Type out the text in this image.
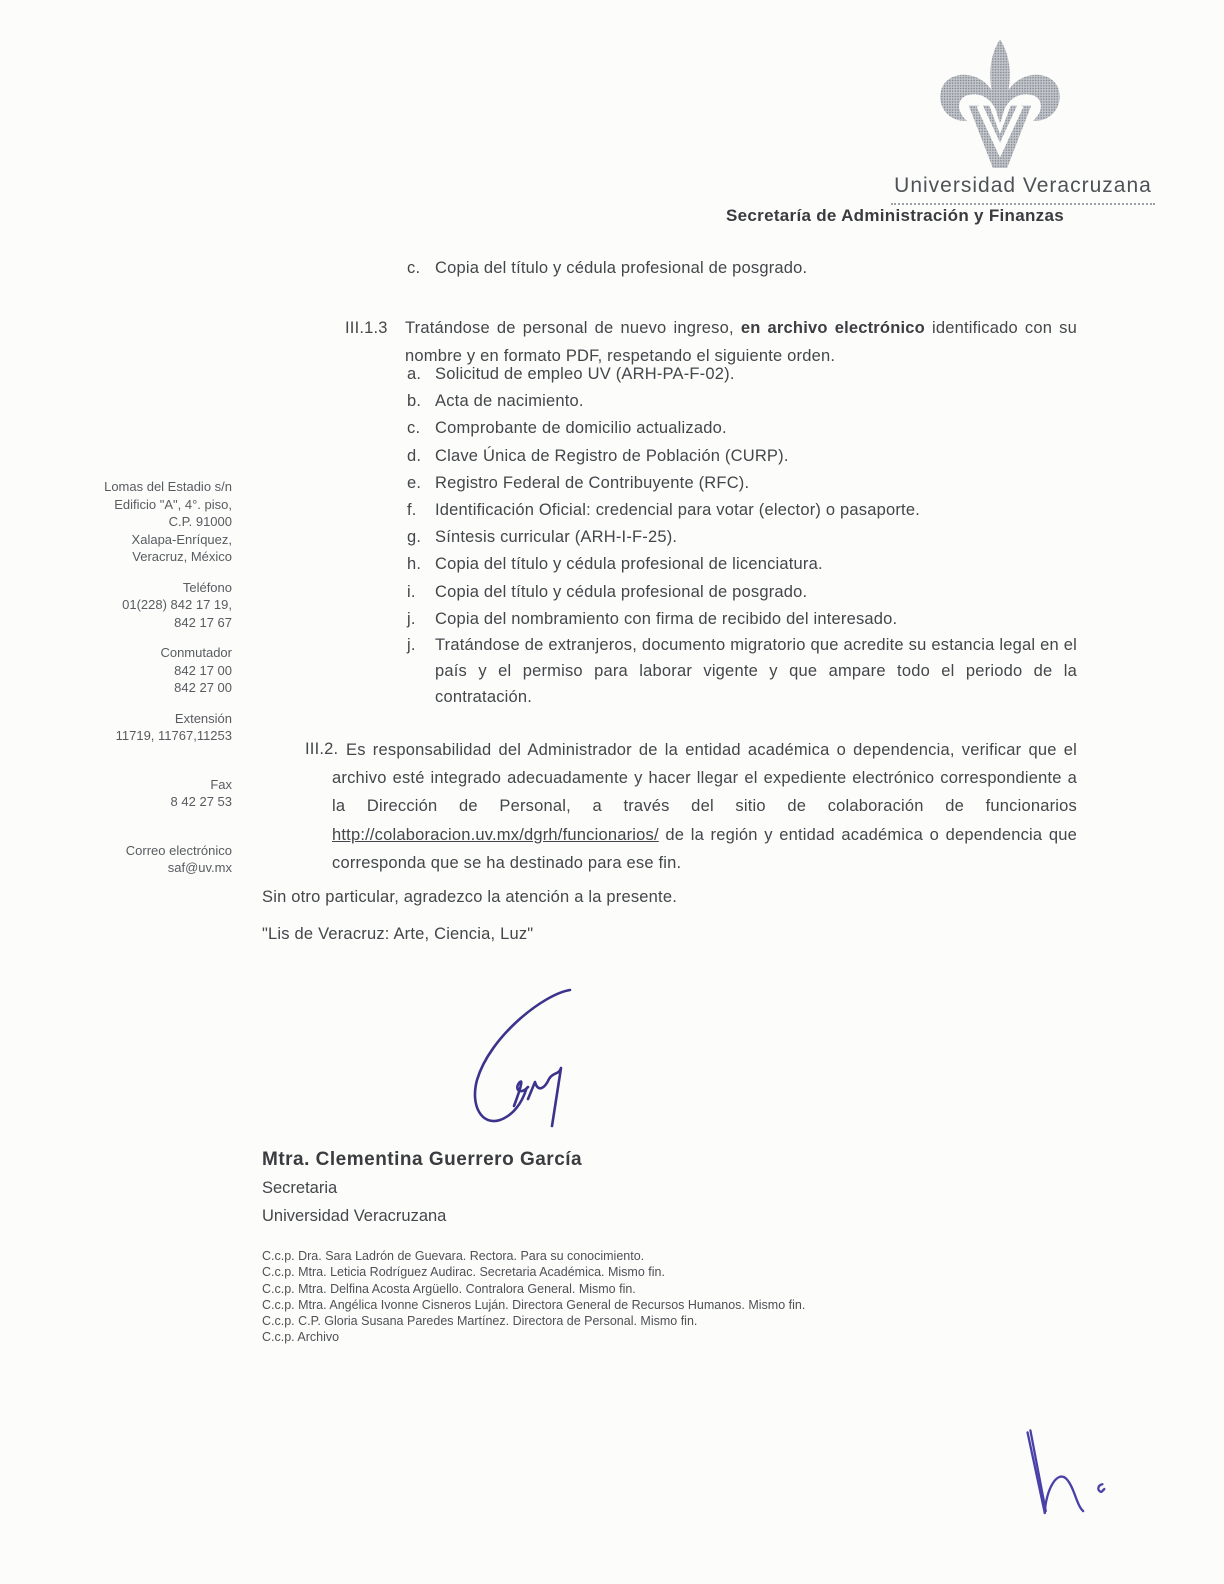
Universidad Veracruzana
Secretaría de Administración y Finanzas
Lomas del Estadio s/n
Edificio "A", 4°. piso,
C.P. 91000
Xalapa-Enríquez,
Veracruz, México
Teléfono
01(228) 842 17 19,
842 17 67
Conmutador
842 17 00
842 27 00
Extensión
11719, 11767,11253
Fax
8 42 27 53
Correo electrónico
saf@uv.mx
c. Copia del título y cédula profesional de posgrado.
III.1.3 Tratándose de personal de nuevo ingreso, en archivo electrónico identificado con su nombre y en formato PDF, respetando el siguiente orden.

a. Solicitud de empleo UV (ARH-PA-F-02).
b. Acta de nacimiento.
c. Comprobante de domicilio actualizado.
d. Clave Única de Registro de Población (CURP).
e. Registro Federal de Contribuyente (RFC).
f.	Identificación Oficial: credencial para votar (elector) o pasaporte.
g. Síntesis curricular (ARH-I-F-25).
h. Copia del título y cédula profesional de licenciatura.
i.	Copia del título y cédula profesional de posgrado.
j.	Copia del nombramiento con firma de recibido del interesado.
j.	Tratándose de extranjeros, documento migratorio que acredite su estancia legal en el país y el permiso para laborar vigente y que ampare todo el periodo de la contratación.

III.2. Es responsabilidad del Administrador de la entidad académica o dependencia, verificar que el archivo esté integrado adecuadamente y hacer llegar el expediente electrónico correspondiente a la Dirección de Personal, a través del sitio de colaboración de funcionarios http://colaboracion.uv.mx/dgrh/funcionarios/ de la región y entidad académica o dependencia que corresponda que se ha destinado para ese fin.

Sin otro particular, agradezco la atención a la presente.

"Lis de Veracruz: Arte, Ciencia, Luz"

Mtra. Clementina Guerrero García
Secretaria
Universidad Veracruzana
C.c.p. Dra. Sara Ladrón de Guevara. Rectora. Para su conocimiento.
C.c.p. Mtra. Leticia Rodríguez Audirac. Secretaria Académica. Mismo fin.
C.c.p. Mtra. Delfina Acosta Argüello. Contralora General. Mismo fin.
C.c.p. Mtra. Angélica Ivonne Cisneros Luján. Directora General de Recursos Humanos. Mismo fin.
C.c.p. C.P. Gloria Susana Paredes Martínez. Directora de Personal. Mismo fin.
C.c.p. Archivo
